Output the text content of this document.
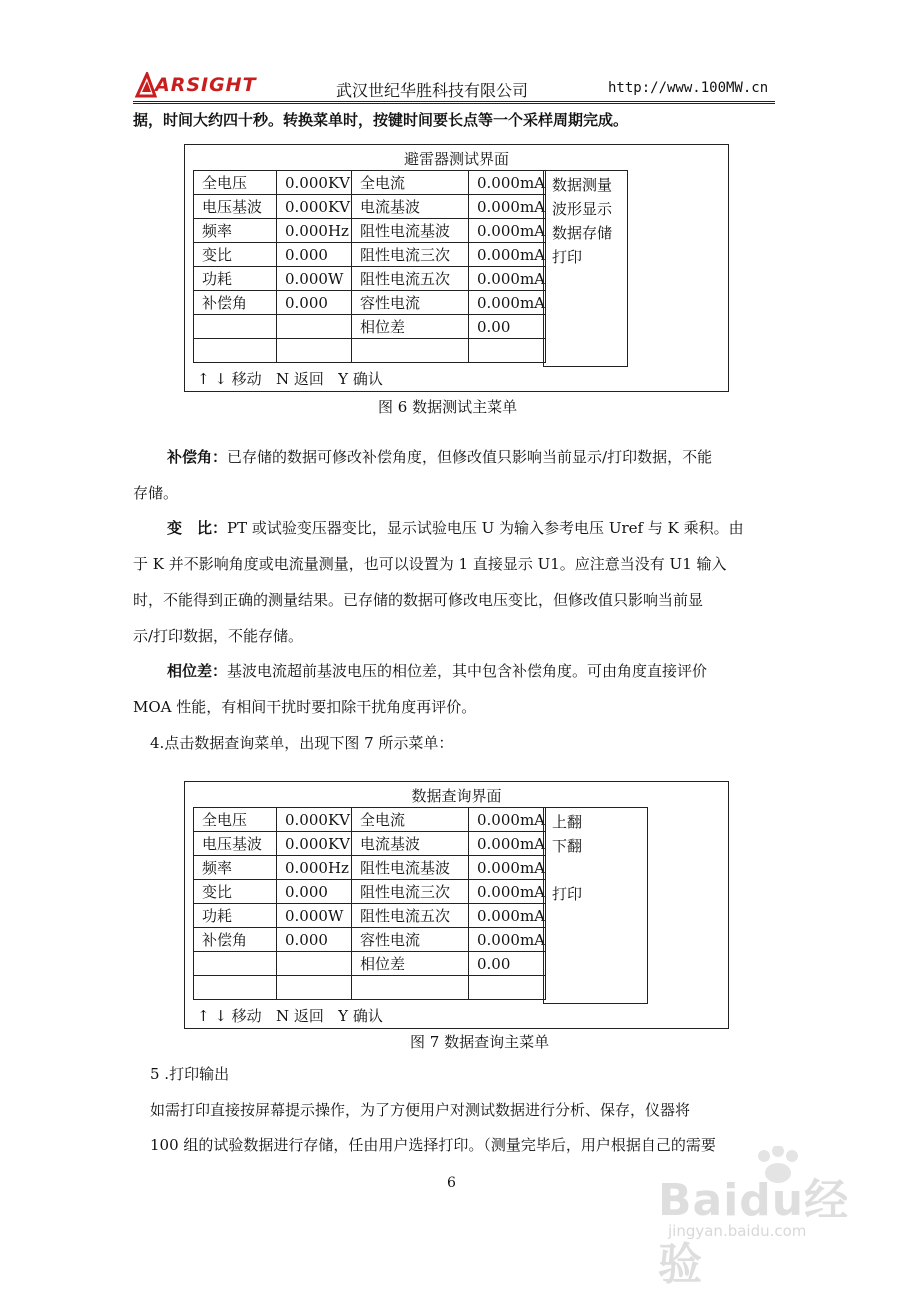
ARSIGHT	武汉世纪华胜科技有限公司	http://www.100MW.cn
据，时间大约四十秒。转换菜单时，按键时间要长点等一个采样周期完成。
避雷器测试界面
全电压	0.000KV	全电流	0.000mA
电压基波	0.000KV	电流基波	0.000mA
频率	0.000Hz	阻性电流基波	0.000mA
变比	0.000	阻性电流三次	0.000mA
功耗	0.000W	阻性电流五次	0.000mA
补偿角	0.000	容性电流	0.000mA
		相位差	0.00

数据测量
波形显示
数据存储
打印
↑ ↓ 移动   N 返回   Y 确认
图 6 数据测试主菜单
补偿角：已存储的数据可修改补偿角度，但修改值只影响当前显示/打印数据，不能
存储。
变　比：PT 或试验变压器变比，显示试验电压 U 为输入参考电压 Uref 与 K 乘积。由
于 K 并不影响角度或电流量测量，也可以设置为 1 直接显示 U1。应注意当没有 U1 输入
时，不能得到正确的测量结果。已存储的数据可修改电压变比，但修改值只影响当前显
示/打印数据，不能存储。
相位差：基波电流超前基波电压的相位差，其中包含补偿角度。可由角度直接评价
MOA 性能，有相间干扰时要扣除干扰角度再评价。
4.点击数据查询菜单，出现下图 7 所示菜单：
数据查询界面
全电压	0.000KV	全电流	0.000mA
电压基波	0.000KV	电流基波	0.000mA
频率	0.000Hz	阻性电流基波	0.000mA
变比	0.000	阻性电流三次	0.000mA
功耗	0.000W	阻性电流五次	0.000mA
补偿角	0.000	容性电流	0.000mA
		相位差	0.00

上翻
下翻
打印
↑ ↓ 移动   N 返回   Y 确认
图 7 数据查询主菜单
5 .打印输出
如需打印直接按屏幕提示操作，为了方便用户对测试数据进行分析、保存，仪器将
100 组的试验数据进行存储，任由用户选择打印。（测量完毕后，用户根据自己的需要
6	Baidu经验
jingyan.baidu.com
